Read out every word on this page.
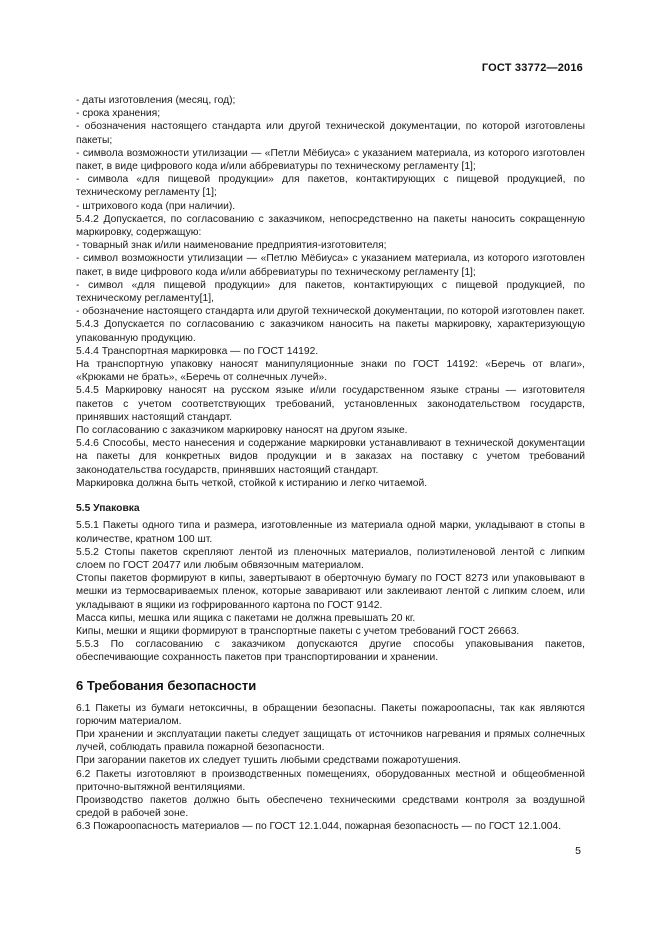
ГОСТ 33772—2016

- даты изготовления (месяц, год);

- срока хранения;

- обозначения настоящего стандарта или другой технической документации, по которой изготовлены пакеты;

- символа возможности утилизации — «Петли Мёбиуса» с указанием материала, из которого изготовлен пакет, в виде цифрового кода и/или аббревиатуры по техническому регламенту [1];

- символа «для пищевой продукции» для пакетов, контактирующих с пищевой продукцией, по техническому регламенту [1];

- штрихового кода (при наличии).

5.4.2 Допускается, по согласованию с заказчиком, непосредственно на пакеты наносить сокращенную маркировку, содержащую:

- товарный знак и/или наименование предприятия-изготовителя;

- символ возможности утилизации — «Петлю Мёбиуса» с указанием материала, из которого изготовлен пакет, в виде цифрового кода и/или аббревиатуры по техническому регламенту [1];

- символ «для пищевой продукции» для пакетов, контактирующих с пищевой продукцией, по техническому регламенту[1],

- обозначение настоящего стандарта или другой технической документации, по которой изготовлен пакет.

5.4.3 Допускается по согласованию с заказчиком наносить на пакеты маркировку, характеризующую упакованную продукцию.

5.4.4 Транспортная маркировка — по ГОСТ 14192.

На транспортную упаковку наносят манипуляционные знаки по ГОСТ 14192: «Беречь от влаги», «Крюками не брать», «Беречь от солнечных лучей».

5.4.5 Маркировку наносят на русском языке и/или государственном языке страны — изготовителя пакетов с учетом соответствующих требований, установленных законодательством государств, принявших настоящий стандарт.

По согласованию с заказчиком маркировку наносят на другом языке.

5.4.6 Способы, место нанесения и содержание маркировки устанавливают в технической документации на пакеты для конкретных видов продукции и в заказах на поставку с учетом требований законодательства государств, принявших настоящий стандарт.

Маркировка должна быть четкой, стойкой к истиранию и легко читаемой.

5.5 Упаковка

5.5.1 Пакеты одного типа и размера, изготовленные из материала одной марки, укладывают в стопы в количестве, кратном 100 шт.

5.5.2 Стопы пакетов скрепляют лентой из пленочных материалов, полиэтиленовой лентой с липким слоем по ГОСТ 20477 или любым обвязочным материалом.

Стопы пакетов формируют в кипы, завертывают в оберточную бумагу по ГОСТ 8273 или упаковывают в мешки из термосвариваемых пленок, которые заваривают или заклеивают лентой с липким слоем, или укладывают в ящики из гофрированного картона по ГОСТ 9142.

Масса кипы, мешка или ящика с пакетами не должна превышать 20 кг.

Кипы, мешки и ящики формируют в транспортные пакеты с учетом требований ГОСТ 26663.

5.5.3 По согласованию с заказчиком допускаются другие способы упаковывания пакетов, обеспечивающие сохранность пакетов при транспортировании и хранении.

6 Требования безопасности

6.1 Пакеты из бумаги нетоксичны, в обращении безопасны. Пакеты пожароопасны, так как являются горючим материалом.

При хранении и эксплуатации пакеты следует защищать от источников нагревания и прямых солнечных лучей, соблюдать правила пожарной безопасности.

При загорании пакетов их следует тушить любыми средствами пожаротушения.

6.2 Пакеты изготовляют в производственных помещениях, оборудованных местной и общеобменной приточно-вытяжной вентиляциями.

Производство пакетов должно быть обеспечено техническими средствами контроля за воздушной средой в рабочей зоне.

6.3 Пожароопасность материалов — по ГОСТ 12.1.044, пожарная безопасность — по ГОСТ 12.1.004.

5
